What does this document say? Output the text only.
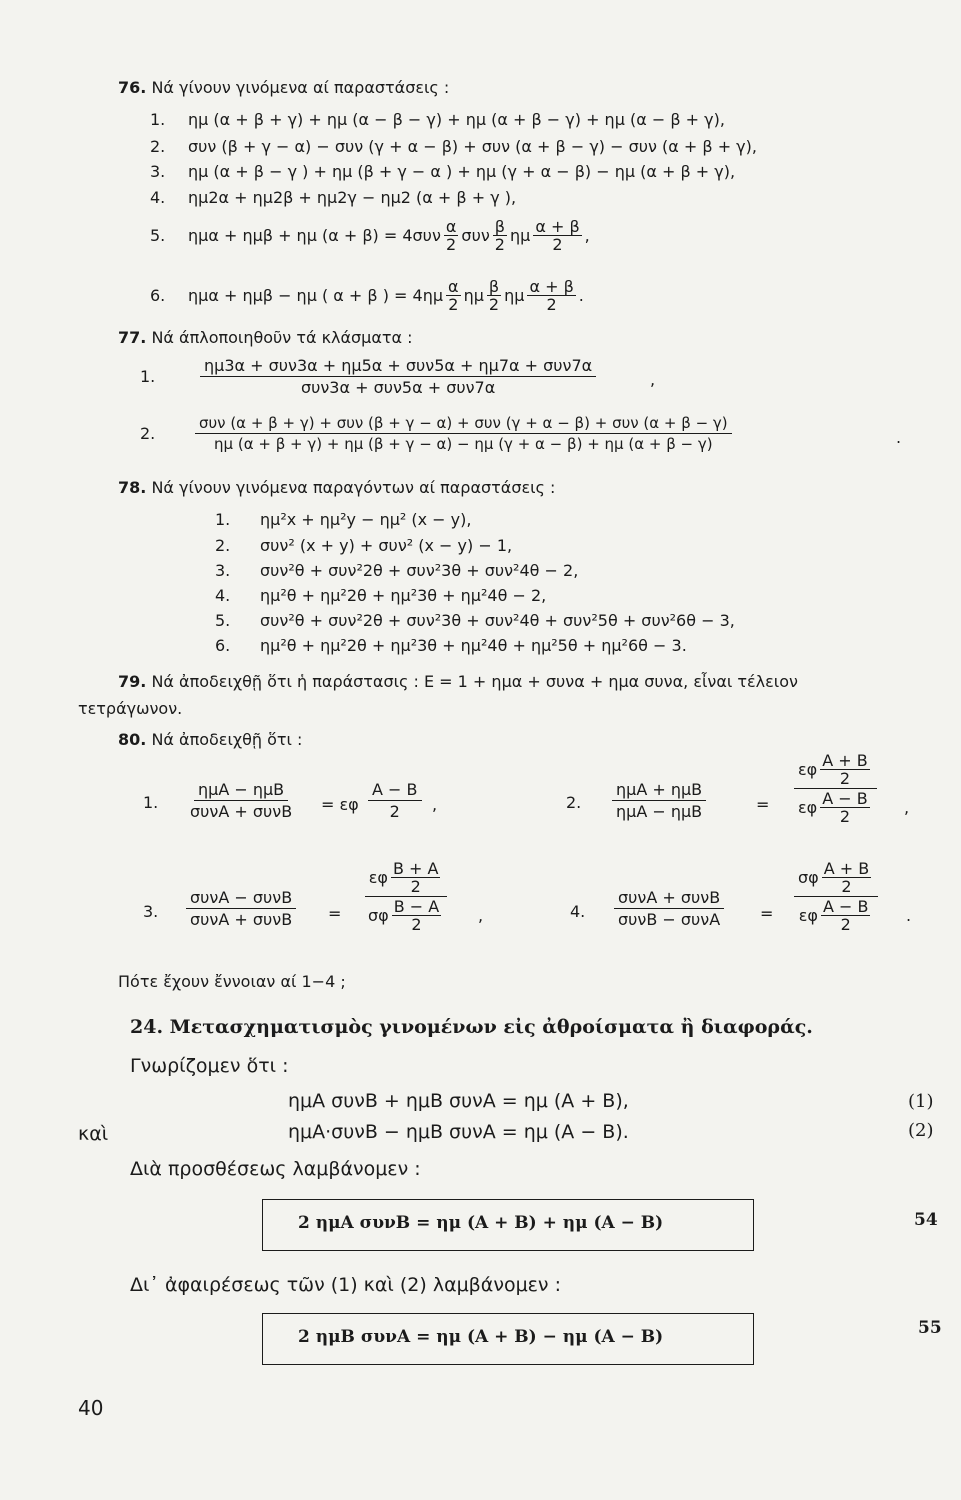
76. Νά γίνουν γινόμενα αί παραστάσεις :
1. ημ (α + β + γ) + ημ (α − β − γ) + ημ (α + β − γ) + ημ (α − β + γ),
2. συν (β + γ − α) − συν (γ + α − β) + συν (α + β − γ) − συν (α + β + γ),
3. ημ (α + β − γ ) + ημ (β + γ − α ) + ημ (γ + α − β) − ημ (α + β + γ),
4. ημ2α + ημ2β + ημ2γ − ημ2 (α + β + γ ),
5.	ημα + ημβ + ημ (α + β) = 4συν α
2 συν β
2 ημ α + β
2 ,
6.	ημα + ημβ − ημ ( α + β ) = 4ημ α
2 ημ β
2 ημ α + β
2 .
77. Νά άπλοποιηθοῦν τά κλάσματα :
1.
ημ3α + συν3α + ημ5α + συν5α + ημ7α + συν7α
συν3α + συν5α + συν7α	,
2.
συν (α + β + γ) + συν (β + γ − α) + συν (γ + α − β) + συν (α + β − γ)
ημ (α + β + γ) + ημ (β + γ − α) − ημ (γ + α − β) + ημ (α + β − γ)	.
78. Νά γίνουν γινόμενα παραγόντων αί παραστάσεις :
1. ημ²x + ημ²y − ημ² (x − y),
2. συν² (x + y) + συν² (x − y) − 1,
3. συν²θ + συν²2θ + συν²3θ + συν²4θ − 2,
4. ημ²θ + ημ²2θ + ημ²3θ + ημ²4θ − 2,
5. συν²θ + συν²2θ + συν²3θ + συν²4θ + συν²5θ + συν²6θ − 3,
6. ημ²θ + ημ²2θ + ημ²3θ + ημ²4θ + ημ²5θ + ημ²6θ − 3.
79. Νά ἀποδειχθῇ ὅτι ἡ παράστασις : Ε = 1 + ημα + συνα + ημα συνα, εἶναι τέλειον
τετράγωνον.
80. Νά ἀποδειχθῇ ὅτι :
1.
ημΑ − ημΒ
συνΑ + συνΒ = εφ $\frac{A - B}{2}$ ,	2.
ημΑ + ημΒ
ημΑ − ημΒ	=
εφ Α + Β
2
εφ Α − Β
2	,
3.
συνΑ − συνΒ
συνΑ + συνΒ =
εφ Β + Α
2
σφ Β − Α
2	,	4.
συνΑ + συνΒ
συνΒ − συνΑ =
σφ Α + Β
2
εφ Α − Β
2	.
Πότε ἔχουν ἔννοιαν αί 1−4 ;
24. Μετασχηματισμὸς γινομένων εἰς ἀθροίσματα ἢ διαφοράς.
Γνωρίζομεν ὅτι :
ημΑ συνΒ + ημΒ συνΑ = ημ (Α + Β),	(1)
καὶ	ημΑ·συνΒ − ημΒ συνΑ = ημ (Α − Β).	(2)
Διὰ προσθέσεως λαμβάνομεν :
2 ημΑ συνΒ = ημ (Α + Β) + ημ (Α − Β)	54
Δι᾽ ἀφαιρέσεως τῶν (1) καὶ (2) λαμβάνομεν :
2 ημΒ συνΑ = ημ (Α + Β) − ημ (Α − Β)	55
40
